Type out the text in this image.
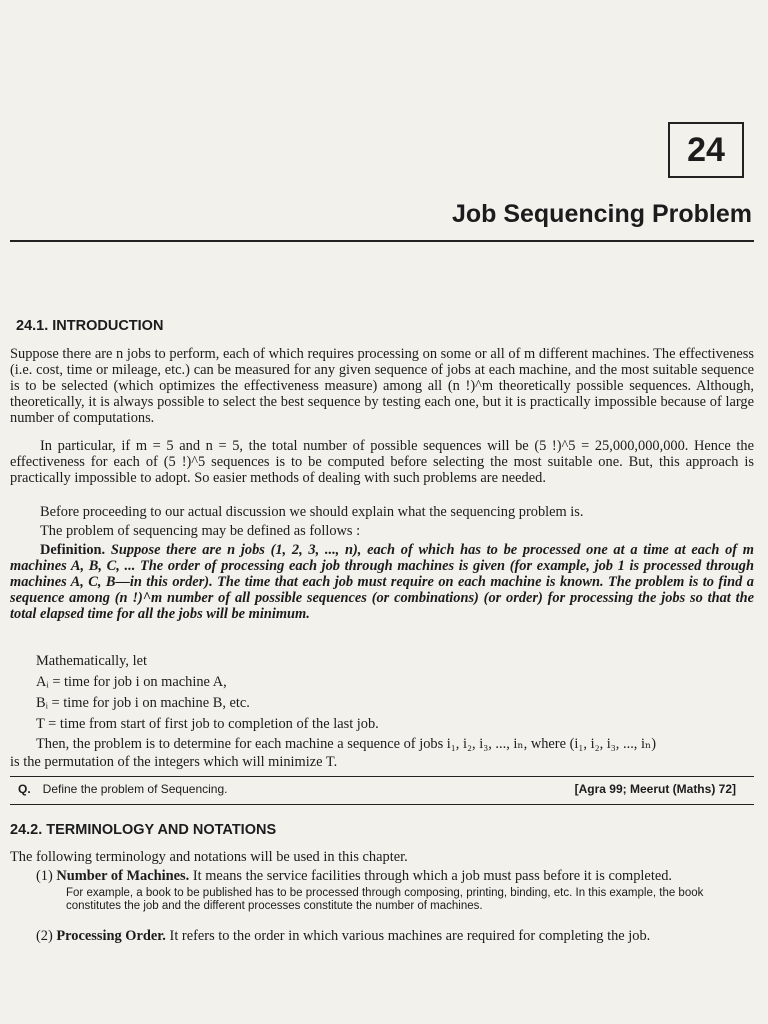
24
Job Sequencing Problem
24.1. INTRODUCTION

Suppose there are n jobs to perform, each of which requires processing on some or all of m different machines. The effectiveness (i.e. cost, time or mileage, etc.) can be measured for any given sequence of jobs at each machine, and the most suitable sequence is to be selected (which optimizes the effectiveness measure) among all (n !)^m theoretically possible sequences. Although, theoretically, it is always possible to select the best sequence by testing each one, but it is practically impossible because of large number of computations.

In particular, if m = 5 and n = 5, the total number of possible sequences will be (5 !)^5 = 25,000,000,000. Hence the effectiveness for each of (5 !)^5 sequences is to be computed before selecting the most suitable one. But, this approach is practically impossible to adopt. So easier methods of dealing with such problems are needed.

Before proceeding to our actual discussion we should explain what the sequencing problem is.

The problem of sequencing may be defined as follows :

Definition. Suppose there are n jobs (1, 2, 3, ..., n), each of which has to be processed one at a time at each of m machines A, B, C, ... The order of processing each job through machines is given (for example, job 1 is processed through machines A, C, B—in this order). The time that each job must require on each machine is known. The problem is to find a sequence among (n !)^m number of all possible sequences (or combinations) (or order) for processing the jobs so that the total elapsed time for all the jobs will be minimum.

Mathematically, let
Aᵢ = time for job i on machine A,
Bᵢ = time for job i on machine B, etc.
T = time from start of first job to completion of the last job.
Then, the problem is to determine for each machine a sequence of jobs i₁, i₂, i₃, ..., iₙ, where (i₁, i₂, i₃, ..., iₙ)
is the permutation of the integers which will minimize T.
Q. Define the problem of Sequencing.	[Agra 99; Meerut (Maths) 72]
24.2. TERMINOLOGY AND NOTATIONS
The following terminology and notations will be used in this chapter.
(1) Number of Machines. It means the service facilities through which a job must pass before it is completed.
For example, a book to be published has to be processed through composing, printing, binding, etc. In this example, the book constitutes the job and the different processes constitute the number of machines.
(2) Processing Order. It refers to the order in which various machines are required for completing the job.
